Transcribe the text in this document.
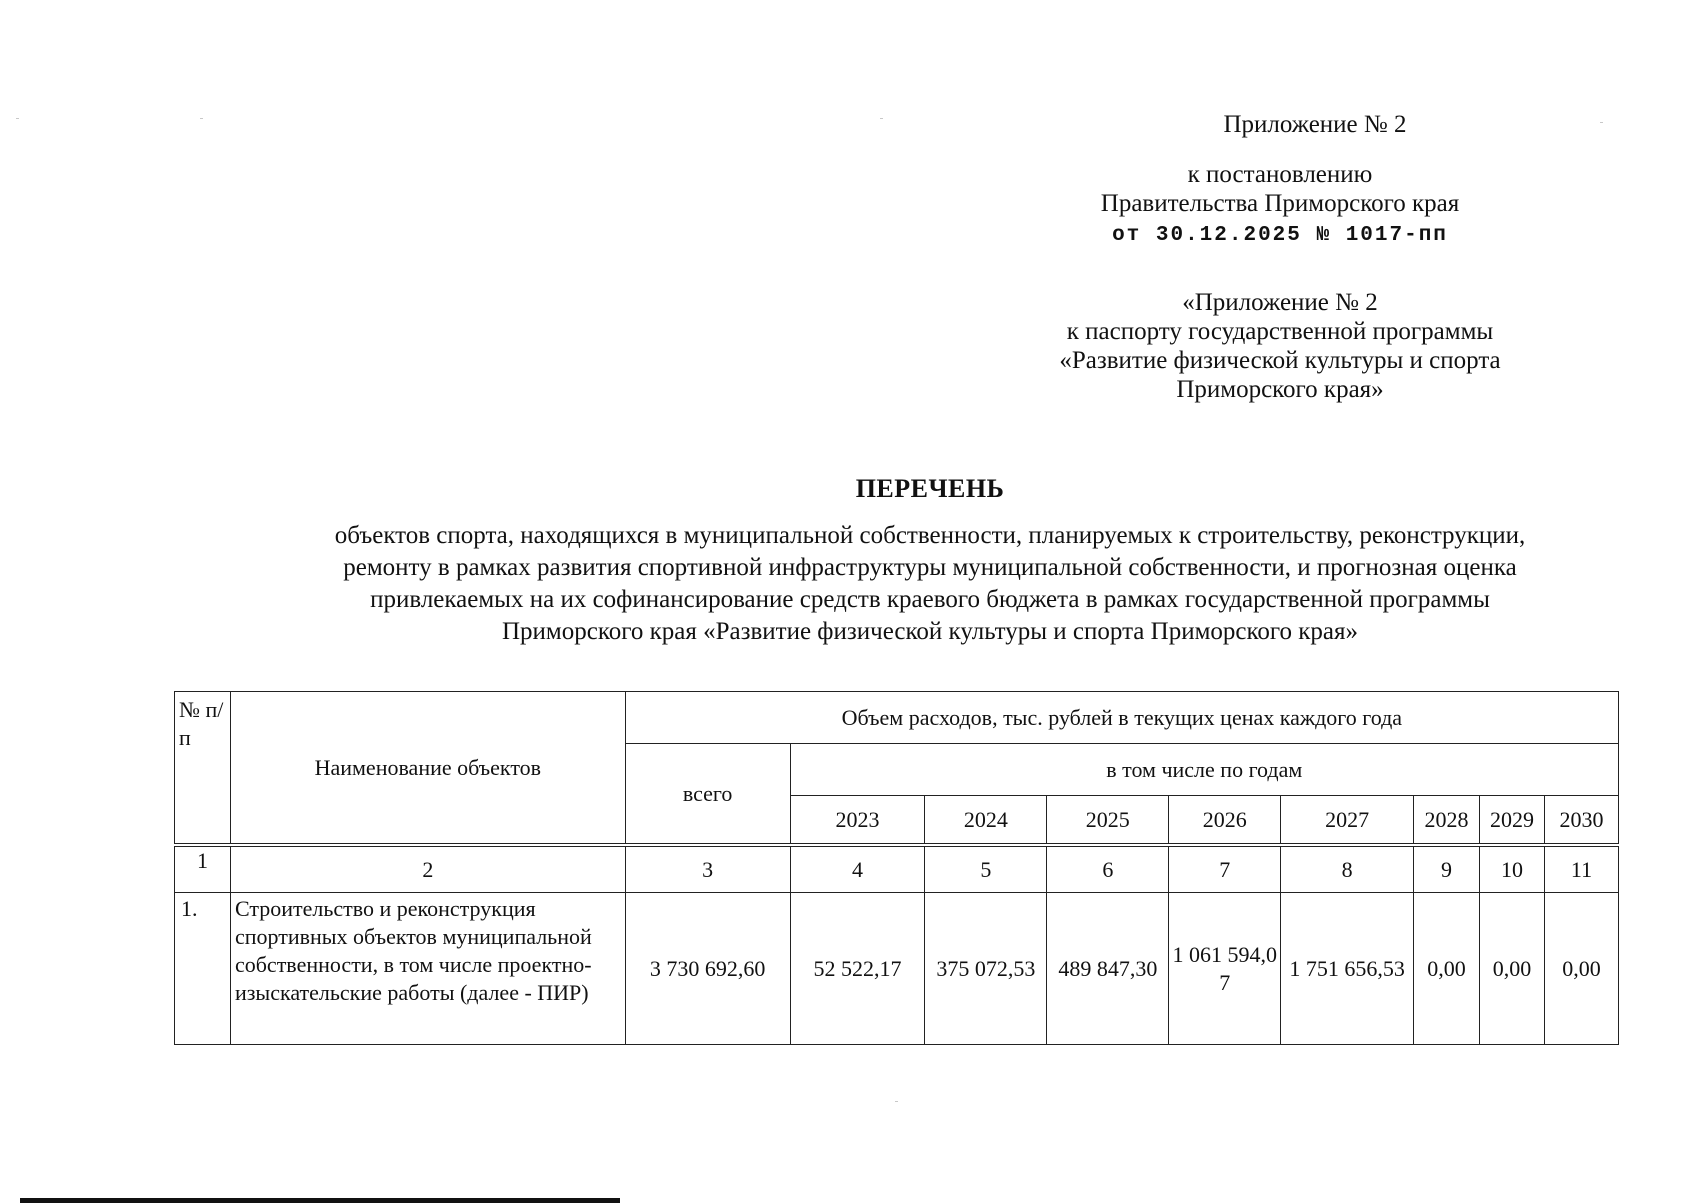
Приложение № 2
к постановлению
Правительства Приморского края
от 30.12.2025 № 1017-пп
«Приложение № 2
к паспорту государственной программы
«Развитие физической культуры и спорта
Приморского края»
ПЕРЕЧЕНЬ
объектов спорта, находящихся в муниципальной собственности, планируемых к строительству, реконструкции,
ремонту в рамках развития спортивной инфраструктуры муниципальной собственности, и прогнозная оценка
привлекаемых на их софинансирование средств краевого бюджета в рамках государственной программы
Приморского края «Развитие физической культуры и спорта Приморского края»
№ п/п	Наименование объектов	Объем расходов, тыс. рублей в текущих ценах каждого года								
		всего	в том числе по годам							
			2023	2024	2025	2026	2027	2028	2029	2030
1	2	3	4	5	6	7	8	9	10	11
1.	Строительство и реконструкция спортивных объектов муниципальной собственности, в том числе проектно-изыскательские работы (далее - ПИР)	3 730 692,60	52 522,17	375 072,53	489 847,30	1 061 594,07	1 751 656,53	0,00	0,00	0,00
